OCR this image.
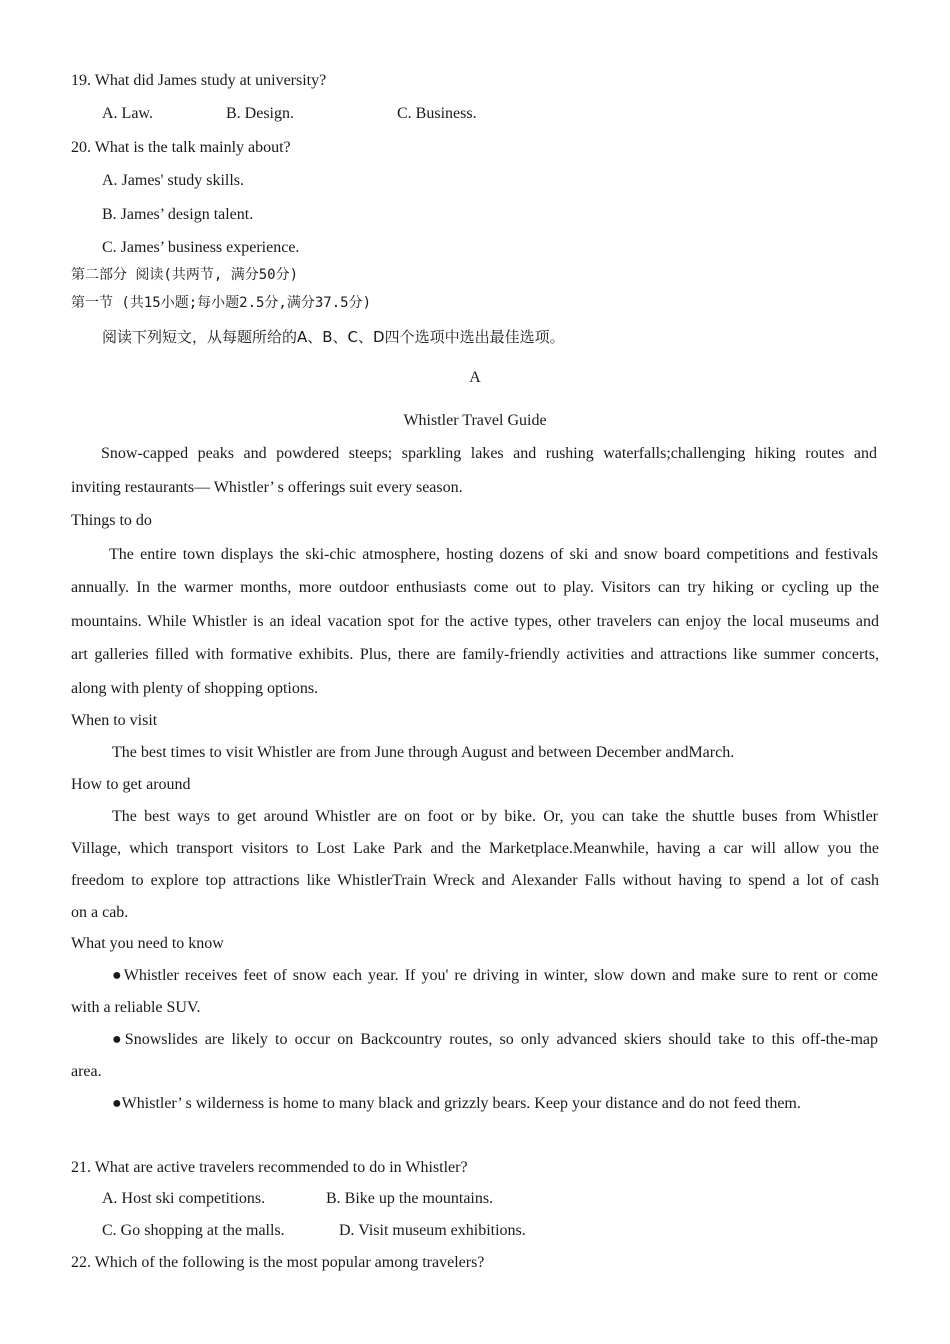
19. What did James study at university?
A. Law.	B. Design.	C. Business.
20. What is the talk mainly about?
A. James' study skills.
B. James’ design talent.
C. James’ business experience.
第二部分 阅读(共两节, 满分50分)
第一节 (共15小题;每小题2.5分,满分37.5分)
阅读下列短文，从每题所给的A、B、C、D四个选项中选出最佳选项。
A
Whistler Travel Guide
Snow-capped peaks and powdered steeps; sparkling lakes and rushing waterfalls;challenging hiking routes and
inviting restaurants— Whistler’ s offerings suit every season.
Things to do
The entire town displays the ski-chic atmosphere, hosting dozens of ski and snow board competitions and festivals
annually. In the warmer months, more outdoor enthusiasts come out to play. Visitors can try hiking or cycling up the
mountains. While Whistler is an ideal vacation spot for the active types, other travelers can enjoy the local museums and
art galleries filled with formative exhibits. Plus, there are family-friendly activities and attractions like summer concerts,
along with plenty of shopping options.
When to visit
The best times to visit Whistler are from June through August and between December andMarch.
How to get around
The best ways to get around Whistler are on foot or by bike. Or, you can take the shuttle buses from Whistler
Village, which transport visitors to Lost Lake Park and the Marketplace.Meanwhile, having a car will allow you the
freedom to explore top attractions like WhistlerTrain Wreck and Alexander Falls without having to spend a lot of cash
on a cab.
What you need to know
●Whistler receives feet of snow each year. If you' re driving in winter, slow down and make sure to rent or come
with a reliable SUV.
●Snowslides are likely to occur on Backcountry routes, so only advanced skiers should take to this off-the-map
area.
●Whistler’ s wilderness is home to many black and grizzly bears. Keep your distance and do not feed them.
21. What are active travelers recommended to do in Whistler?
A. Host ski competitions.	B. Bike up the mountains.
C. Go shopping at the malls.	D. Visit museum exhibitions.
22. Which of the following is the most popular among travelers?
